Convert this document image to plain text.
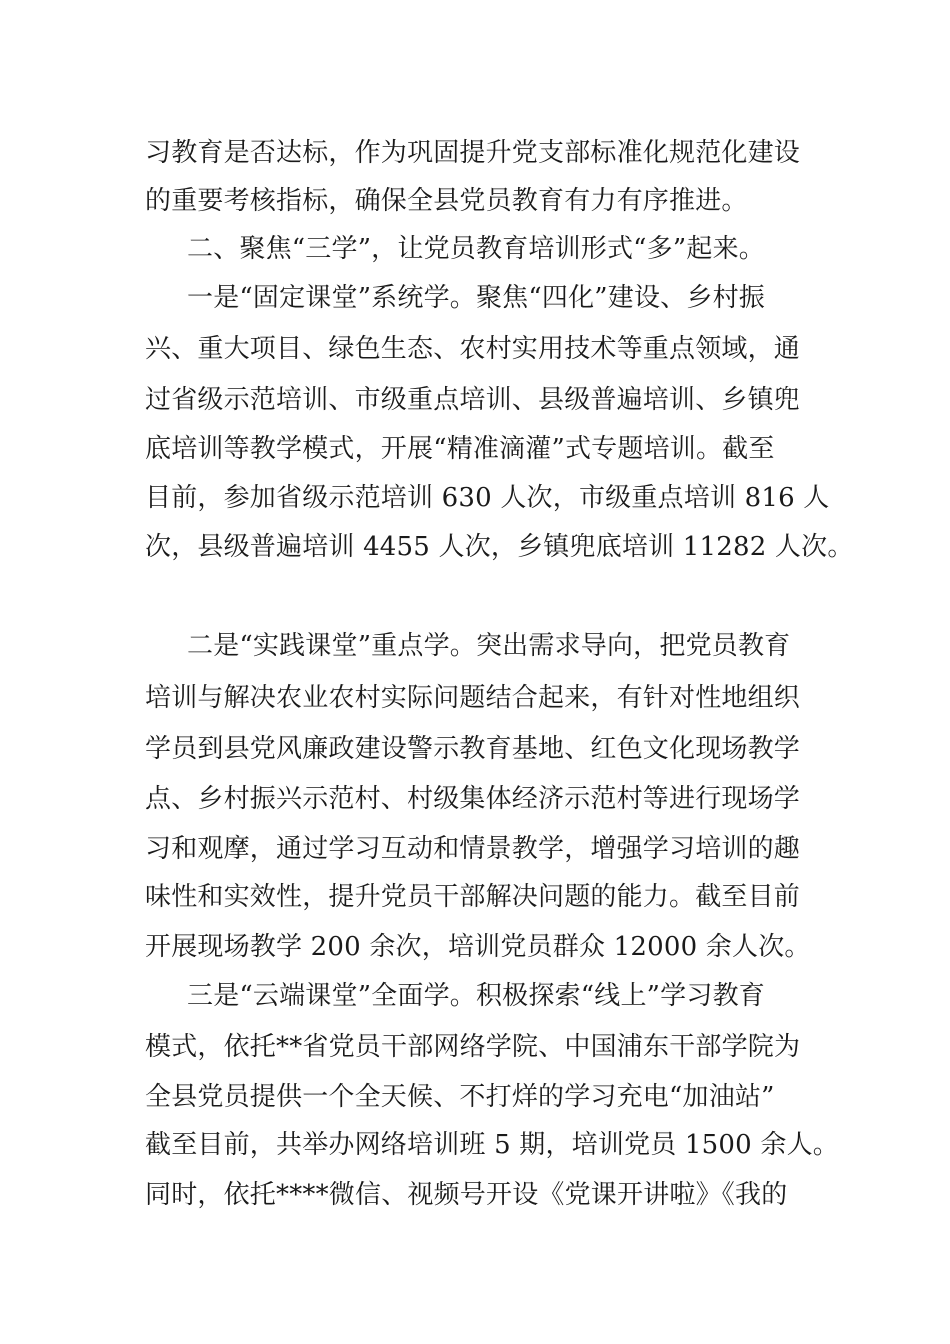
习教育是否达标，作为巩固提升党支部标准化规范化建设
的重要考核指标，确保全县党员教育有力有序推进。
二、聚焦“三学”，让党员教育培训形式“多”起来。
一是“固定课堂”系统学。聚焦“四化”建设、乡村振
兴、重大项目、绿色生态、农村实用技术等重点领域，通
过省级示范培训、市级重点培训、县级普遍培训、乡镇兜
底培训等教学模式，开展“精准滴灌”式专题培训。截至
目前，参加省级示范培训 630 人次，市级重点培训 816 人
次，县级普遍培训 4455 人次，乡镇兜底培训 11282 人次。
二是“实践课堂”重点学。突出需求导向，把党员教育
培训与解决农业农村实际问题结合起来，有针对性地组织
学员到县党风廉政建设警示教育基地、红色文化现场教学
点、乡村振兴示范村、村级集体经济示范村等进行现场学
习和观摩，通过学习互动和情景教学，增强学习培训的趣
味性和实效性，提升党员干部解决问题的能力。截至目前
开展现场教学 200 余次，培训党员群众 12000 余人次。
三是“云端课堂”全面学。积极探索“线上”学习教育
模式，依托**省党员干部网络学院、中国浦东干部学院为
全县党员提供一个全天候、不打烊的学习充电“加油站”
截至目前，共举办网络培训班 5 期，培训党员 1500 余人。
同时，依托****微信、视频号开设《党课开讲啦》《我的
